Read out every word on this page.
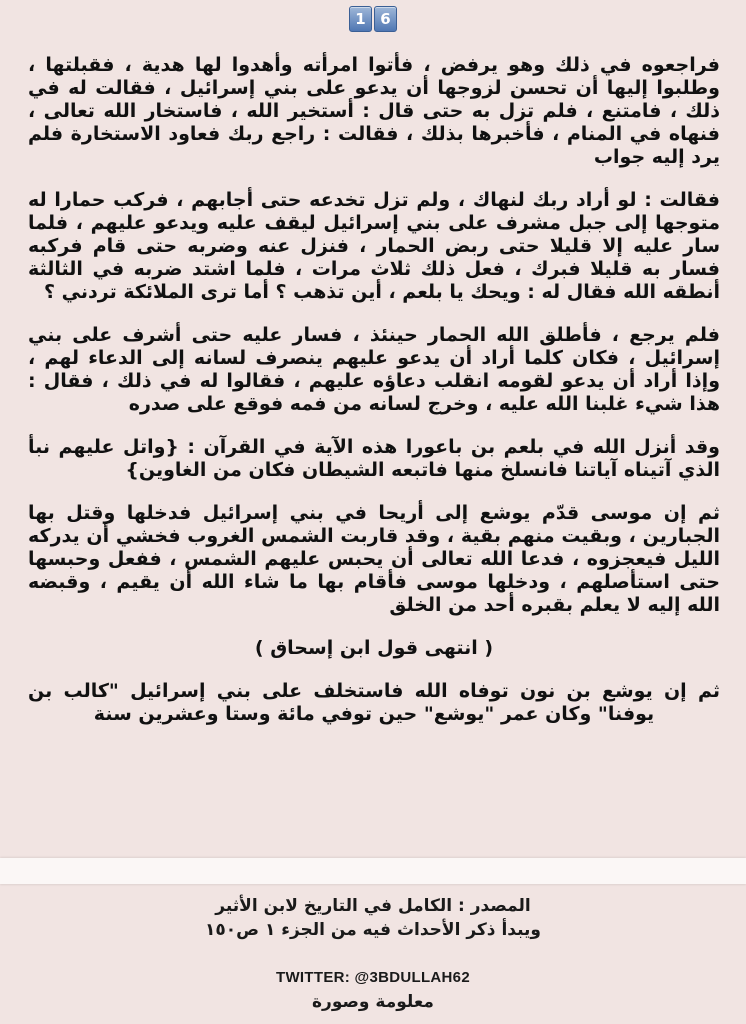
1 6

فراجعوه في ذلك وهو يرفض ، فأتوا امرأته وأهدوا لها هدية ، فقبلتها ، وطلبوا إليها أن تحسن لزوجها أن يدعو على بني إسرائيل ، فقالت له في ذلك ، فامتنع ، فلم تزل به حتى قال : أستخير الله ، فاستخار الله تعالى ، فنهاه في المنام ، فأخبرها بذلك ، فقالت : راجع ربك فعاود الاستخارة فلم يرد إليه جواب

فقالت : لو أراد ربك لنهاك ، ولم تزل تخدعه حتى أجابهم ، فركب حمارا له متوجها إلى جبل مشرف على بني إسرائيل ليقف عليه ويدعو عليهم ، فلما سار عليه إلا قليلا حتى ربض الحمار ، فنزل عنه وضربه حتى قام فركبه فسار به قليلا فبرك ، فعل ذلك ثلاث مرات ، فلما اشتد ضربه في الثالثة أنطقه الله فقال له : ويحك يا بلعم ، أين تذهب ؟ أما ترى الملائكة تردني ؟

فلم يرجع ، فأطلق الله الحمار حينئذ ، فسار عليه حتى أشرف على بني إسرائيل ، فكان كلما أراد أن يدعو عليهم ينصرف لسانه إلى الدعاء لهم ، وإذا أراد أن يدعو لقومه انقلب دعاؤه عليهم ، فقالوا له في ذلك ، فقال : هذا شيء غلبنا الله عليه ، وخرج لسانه من فمه فوقع على صدره

وقد أنزل الله في بلعم بن باعورا هذه الآية في القرآن : {واتل عليهم نبأ الذي آتيناه آياتنا فانسلخ منها فاتبعه الشيطان فكان من الغاوين}

ثم إن موسى قدّم يوشع إلى أريحا في بني إسرائيل فدخلها وقتل بها الجبارين ، وبقيت منهم بقية ، وقد قاربت الشمس الغروب فخشي أن يدركه الليل فيعجزوه ، فدعا الله تعالى أن يحبس عليهم الشمس ، ففعل وحبسها حتى استأصلهم ، ودخلها موسى فأقام بها ما شاء الله أن يقيم ، وقبضه الله إليه لا يعلم بقبره أحد من الخلق

( انتهى قول ابن إسحاق )

ثم إن يوشع بن نون توفاه الله فاستخلف على بني إسرائيل "كالب بن يوفنا" وكان عمر "يوشع" حين توفي مائة وستا وعشرين سنة

المصدر : الكامل في التاريخ لابن الأثير

ويبدأ ذكر الأحداث فيه من الجزء ١ ص١٥٠

TWITTER: @3BDULLAH62

معلومة وصورة
